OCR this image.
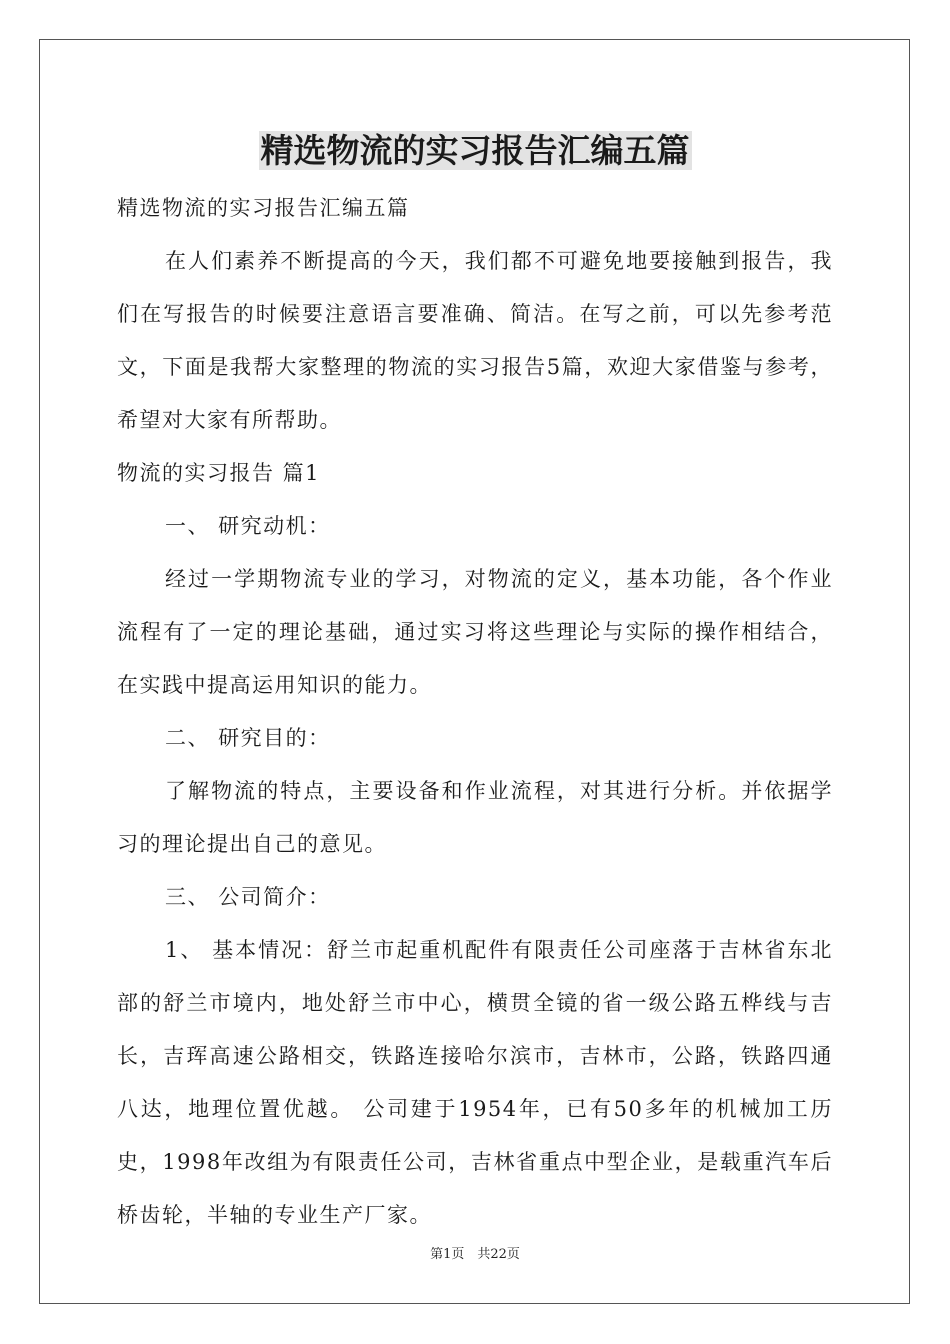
精选物流的实习报告汇编五篇

精选物流的实习报告汇编五篇

在人们素养不断提高的今天，我们都不可避免地要接触到报告，我们在写报告的时候要注意语言要准确、简洁。在写之前，可以先参考范文，下面是我帮大家整理的物流的实习报告5篇，欢迎大家借鉴与参考，希望对大家有所帮助。

物流的实习报告 篇1

一、 研究动机：

经过一学期物流专业的学习，对物流的定义，基本功能，各个作业流程有了一定的理论基础，通过实习将这些理论与实际的操作相结合，在实践中提高运用知识的能力。

二、 研究目的：

了解物流的特点，主要设备和作业流程，对其进行分析。并依据学习的理论提出自己的意见。

三、 公司简介：

1、 基本情况：舒兰市起重机配件有限责任公司座落于吉林省东北部的舒兰市境内，地处舒兰市中心，横贯全镜的省一级公路五桦线与吉长，吉珲高速公路相交，铁路连接哈尔滨市，吉林市，公路，铁路四通八达，地理位置优越。 公司建于1954年，已有50多年的机械加工历史，1998年改组为有限责任公司，吉林省重点中型企业，是载重汽车后桥齿轮，半轴的专业生产厂家。

第1页　共22页
